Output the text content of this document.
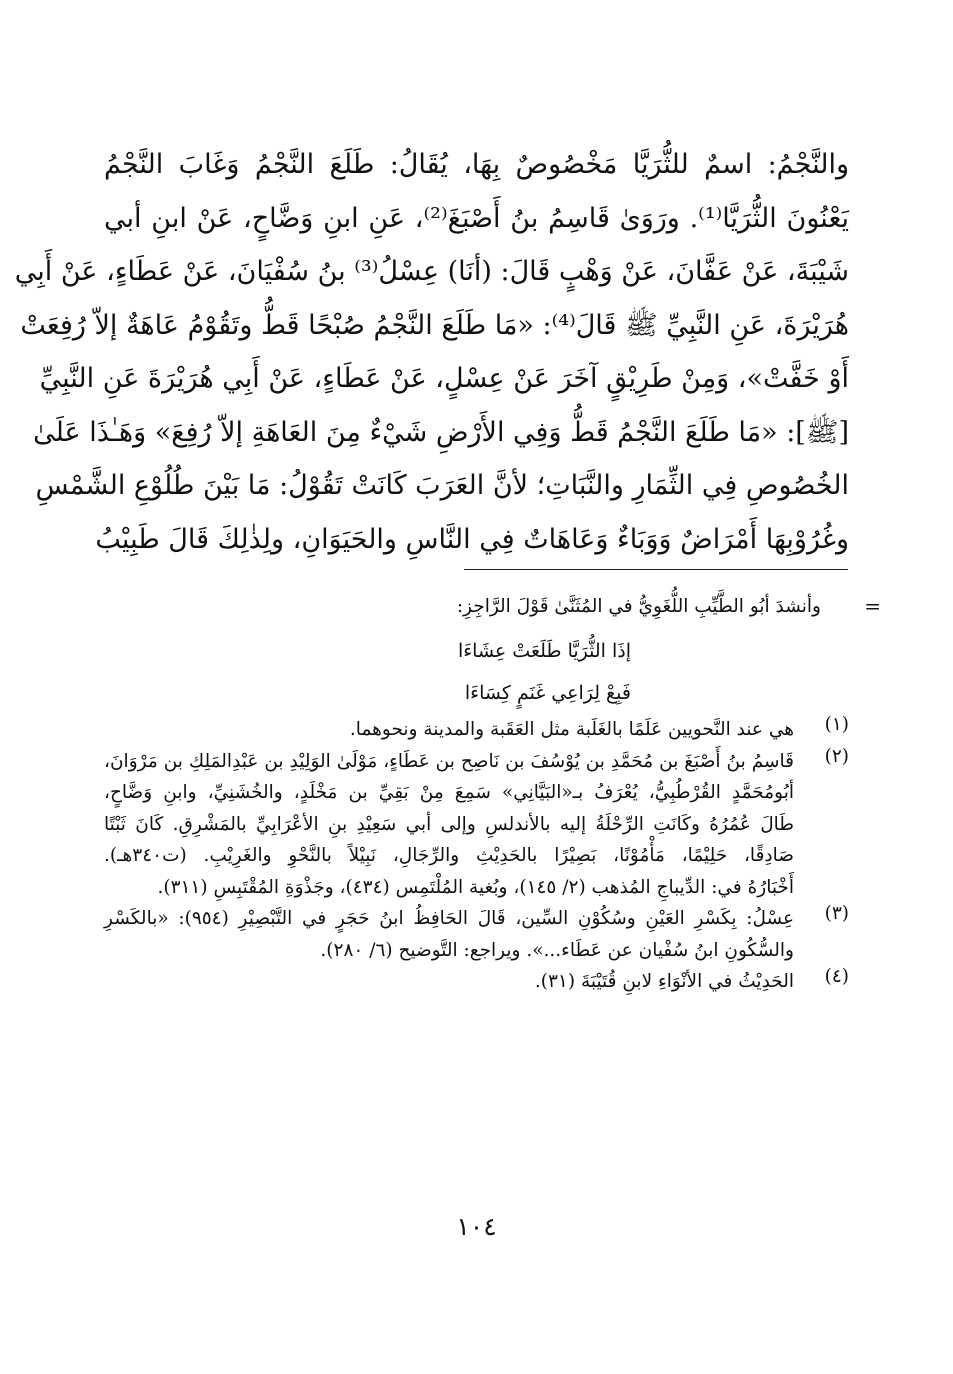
والنَّجْمُ: اسمٌ للثُّرَيَّا مَخْصُوصٌ بِهَا، يُقَالُ: طَلَعَ النَّجْمُ وَغَابَ النَّجْمُ
يَعْنُونَ الثُّرَيَّا⁽¹⁾. ورَوَىٰ قَاسِمُ بنُ أَصْبَغَ⁽²⁾، عَنِ ابنِ وَضَّاحٍ، عَنْ ابنِ أبي
شَيْبَةَ، عَنْ عَفَّانَ، عَنْ وَهْبٍ قَالَ: (أنَا) عِسْلُ⁽³⁾ بنُ سُفْيَانَ، عَنْ عَطَاءٍ، عَنْ أَبِي
هُرَيْرَةَ، عَنِ النَّبِيِّ ﷺ قَالَ⁽⁴⁾: «مَا طَلَعَ النَّجْمُ صُبْحًا قَطُّ وتَقُوْمُ عَاهَةٌ إلاّ رُفِعَتْ
أَوْ خَفَّتْ»، وَمِنْ طَرِيْقٍ آخَرَ عَنْ عِسْلٍ، عَنْ عَطَاءٍ، عَنْ أَبِي هُرَيْرَةَ عَنِ النَّبِيِّ
[ﷺ]: «مَا طَلَعَ النَّجْمُ قَطُّ وَفِي الأَرْضِ شَيْءٌ مِنَ العَاهَةِ إلاّ رُفِعَ» وَهَـٰذَا عَلَىٰ
الخُصُوصِ فِي الثِّمَارِ والنَّبَاتِ؛ لأنَّ العَرَبَ كَانَتْ تَقُوْلُ: مَا بَيْنَ طُلُوْعِ الشَّمْسِ
وغُرُوْبِهَا أَمْرَاضٌ وَوَبَاءٌ وَعَاهَاتٌ فِي النَّاسِ والحَيَوَانِ، ولِذٰلِكَ قَالَ طَبِيْبُ
=
وأنشدَ أبُو الطَّيِّبِ اللُّغَوِيُّ في المُثَنَّىٰ قَوْلَ الرَّاجِزِ:
إذَا الثُّرَيَّا طَلَعَتْ عِشَاءَا
فَبِعْ لِرَاعِي غَنَمٍ كِسَاءَا
(١)
هي عند النَّحويين عَلَمًا بالغَلَبة مثل العَقَبة والمدينة ونحوهما.
(٢)
قَاسِمُ بنُ أَصْبَغَ بن مُحَمَّدِ بن يُوْسُفَ بن نَاصِح بن عَطَاءٍ، مَوْلَىٰ الوَلِيْدِ بن عَبْدِالمَلِكِ بن مَرْوَانَ،
أبُومُحَمَّدٍ القُرْطُبِيُّ، يُعْرَفُ بـ«البَيَّانِي» سَمِعَ مِنْ بَقِيِّ بن مَخْلَدٍ، والخُشَنِيِّ، وابنِ وَضَّاحٍ،
طَالَ عُمُرُهُ وكَانَتِ الرِّحْلَةُ إليه بالأندلسِ وإلى أبي سَعِيْدِ بنِ الأعْرَابِيِّ بالمَشْرِقِ. كَانَ ثَبْتًا
صَادِقًا، حَلِيْمًا، مَأْمُوْنًا، بَصِيْرًا بالحَدِيْثِ والرِّجَالِ، نَبِيْلاً بالنَّحْوِ والغَرِيْبِ. (ت٣٤٠هـ).
أَخْبَارُهُ في: الدِّيباجِ المُذهب (٢/ ١٤٥)، وبُغية المُلْتَمِس (٤٣٤)، وجَذْوَةِ المُقْتَبِسِ (٣١١).
(٣)
عِسْلُ: بِكَسْرِ العَيْنِ وسُكُوْنِ السِّين، قَالَ الحَافِظُ ابنُ حَجَرٍ في التَّبْصِيْرِ (٩٥٤): «بالكَسْرِ
والسُّكُونِ ابنُ سُفْيان عن عَطَاء...». ويراجع: التَّوضيح (٦/ ٢٨٠).
(٤)
الحَدِيْثُ في الأنْوَاءِ لابنِ قُتَيْبَةَ (٣١).
١٠٤
